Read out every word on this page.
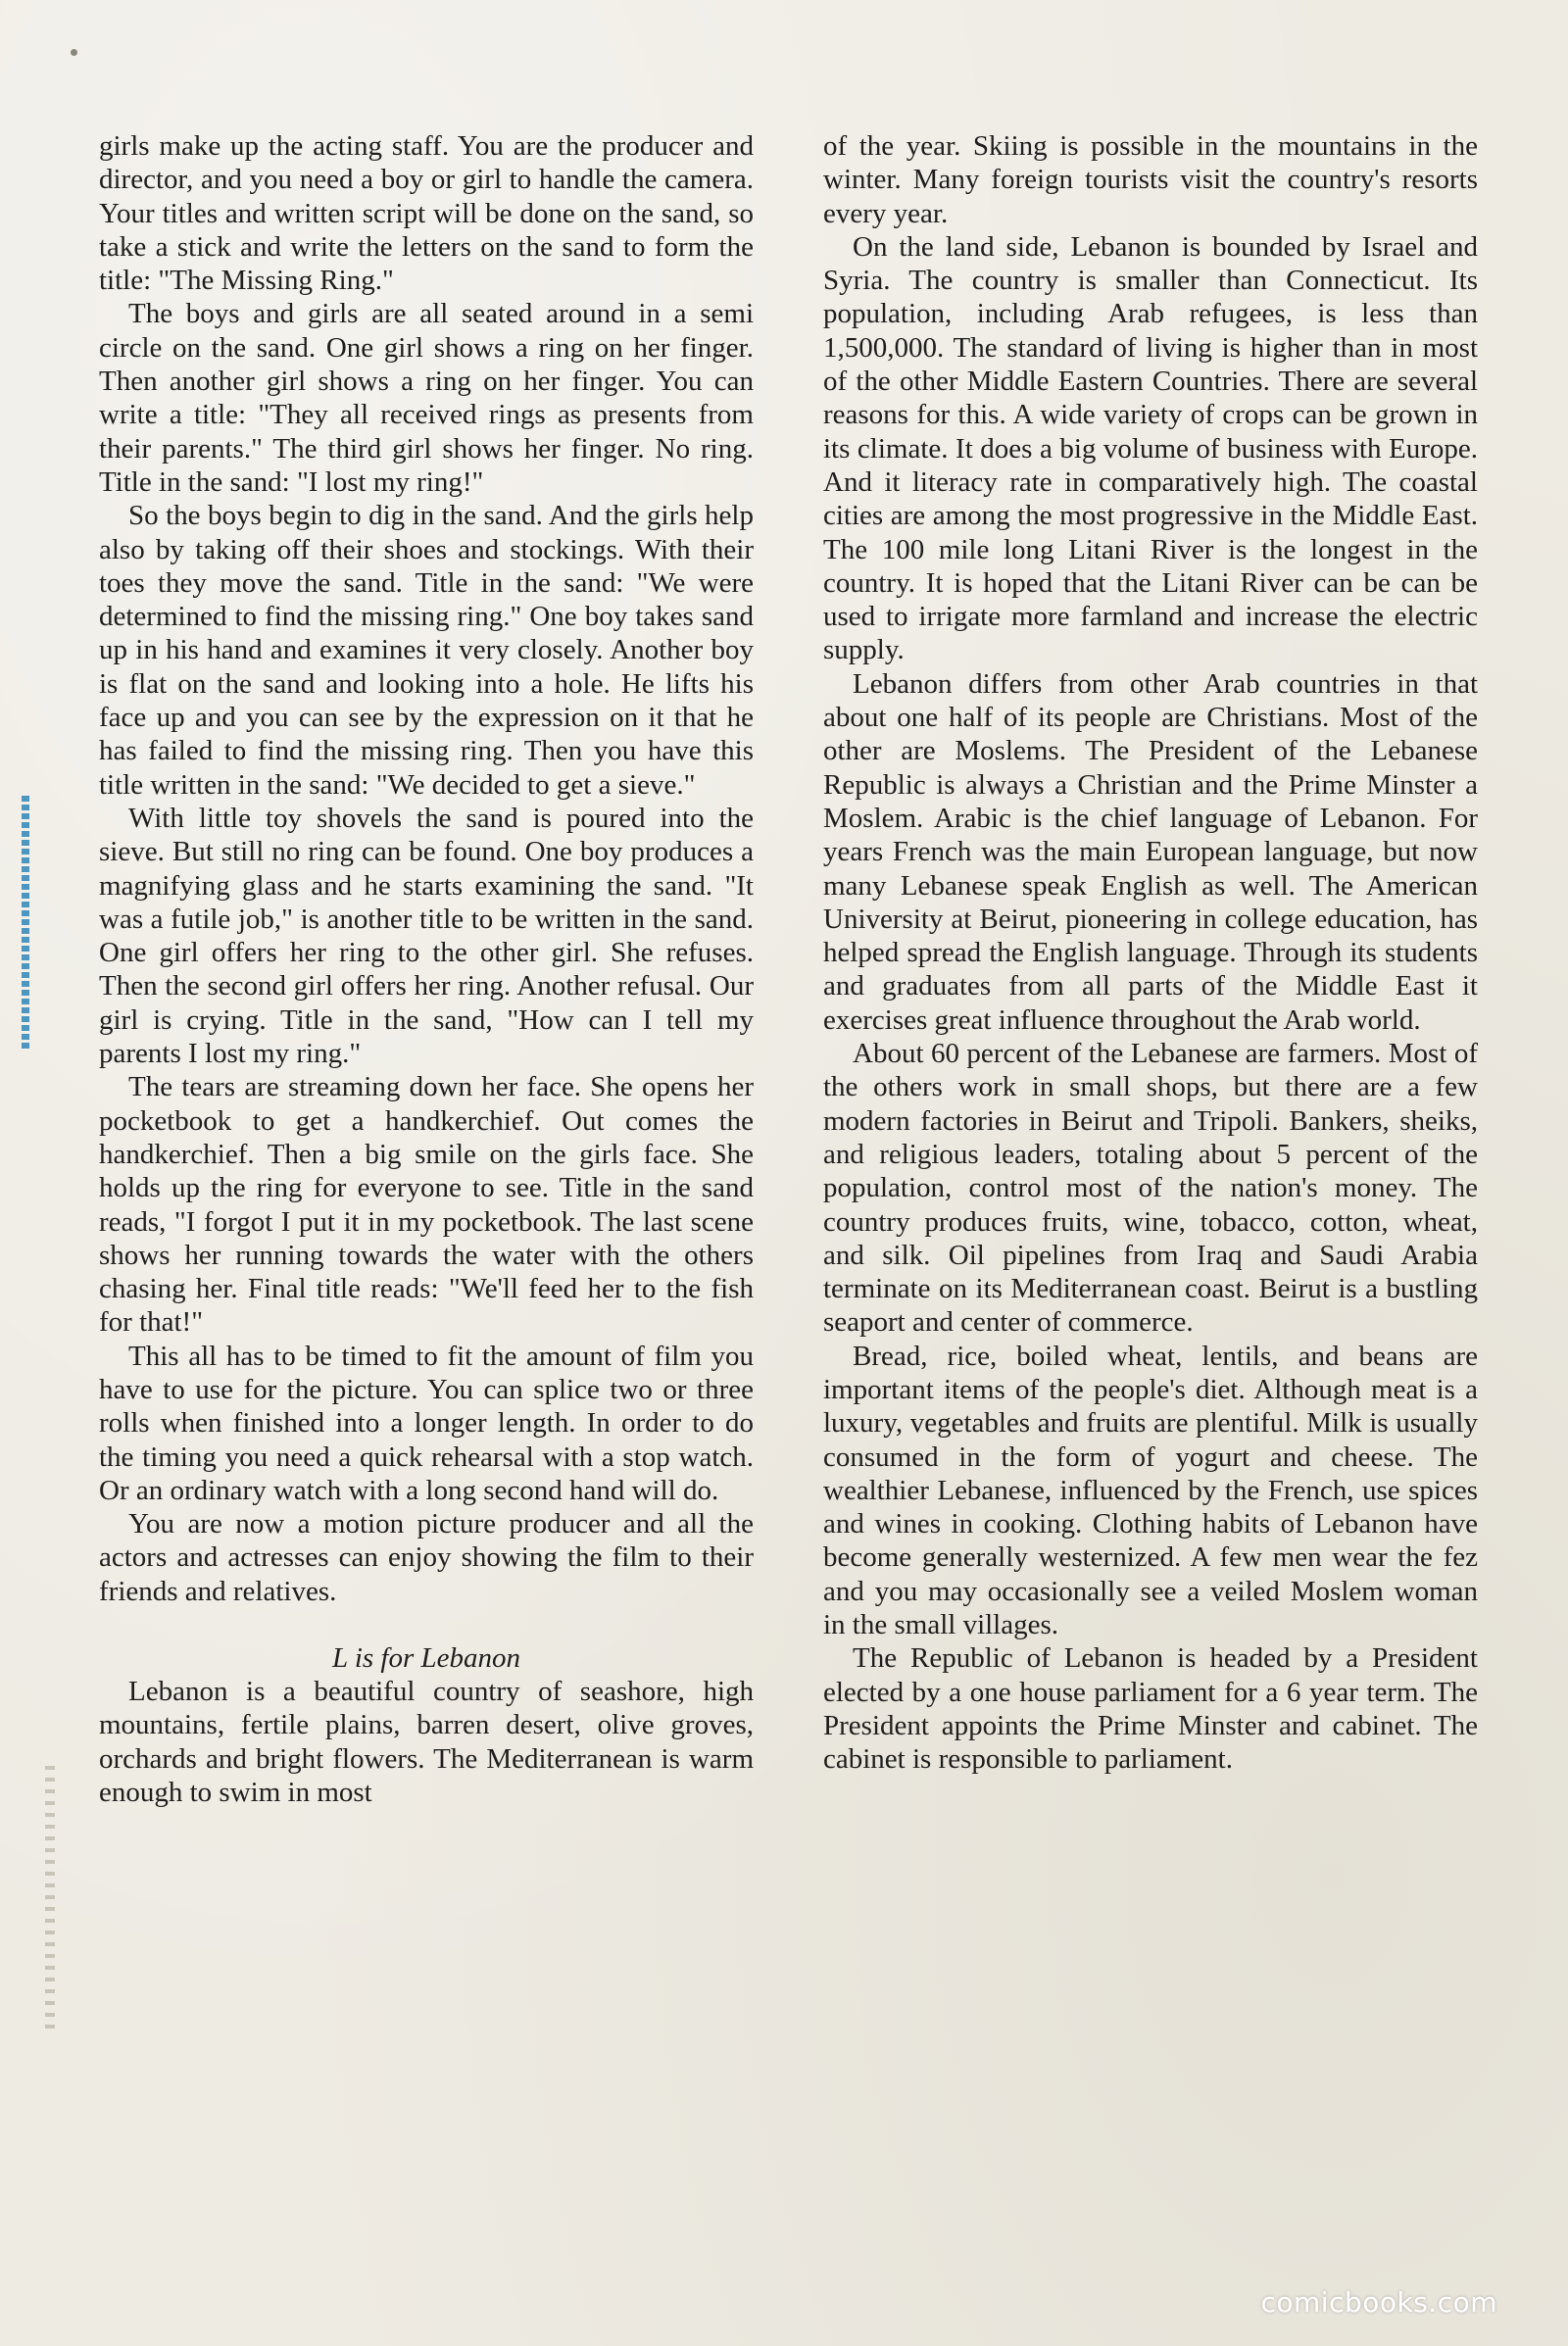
girls make up the acting staff. You are the producer and director, and you need a boy or girl to handle the camera. Your titles and written script will be done on the sand, so take a stick and write the letters on the sand to form the title: "The Missing Ring."

The boys and girls are all seated around in a semi circle on the sand. One girl shows a ring on her finger. Then another girl shows a ring on her finger. You can write a title: "They all received rings as presents from their parents." The third girl shows her finger. No ring. Title in the sand: "I lost my ring!"

So the boys begin to dig in the sand. And the girls help also by taking off their shoes and stockings. With their toes they move the sand. Title in the sand: "We were determined to find the missing ring." One boy takes sand up in his hand and examines it very closely. Another boy is flat on the sand and looking into a hole. He lifts his face up and you can see by the expression on it that he has failed to find the missing ring. Then you have this title written in the sand: "We decided to get a sieve."

With little toy shovels the sand is poured into the sieve. But still no ring can be found. One boy produces a magnifying glass and he starts examining the sand. "It was a futile job," is another title to be written in the sand. One girl offers her ring to the other girl. She refuses. Then the second girl offers her ring. Another refusal. Our girl is crying. Title in the sand, "How can I tell my parents I lost my ring."

The tears are streaming down her face. She opens her pocketbook to get a handkerchief. Out comes the handkerchief. Then a big smile on the girls face. She holds up the ring for everyone to see. Title in the sand reads, "I forgot I put it in my pocketbook. The last scene shows her running towards the water with the others chasing her. Final title reads: "We'll feed her to the fish for that!"

This all has to be timed to fit the amount of film you have to use for the picture. You can splice two or three rolls when finished into a longer length. In order to do the timing you need a quick rehearsal with a stop watch. Or an ordinary watch with a long second hand will do.

You are now a motion picture producer and all the actors and actresses can enjoy showing the film to their friends and relatives.

L is for Lebanon

Lebanon is a beautiful country of seashore, high mountains, fertile plains, barren desert, olive groves, orchards and bright flowers. The Mediterranean is warm enough to swim in most

of the year. Skiing is possible in the mountains in the winter. Many foreign tourists visit the country's resorts every year.

On the land side, Lebanon is bounded by Israel and Syria. The country is smaller than Connecticut. Its population, including Arab refugees, is less than 1,500,000. The standard of living is higher than in most of the other Middle Eastern Countries. There are several reasons for this. A wide variety of crops can be grown in its climate. It does a big volume of business with Europe. And it literacy rate in comparatively high. The coastal cities are among the most progressive in the Middle East. The 100 mile long Litani River is the longest in the country. It is hoped that the Litani River can be can be used to irrigate more farmland and increase the electric supply.

Lebanon differs from other Arab countries in that about one half of its people are Christians. Most of the other are Moslems. The President of the Lebanese Republic is always a Christian and the Prime Minster a Moslem. Arabic is the chief language of Lebanon. For years French was the main European language, but now many Lebanese speak English as well. The American University at Beirut, pioneering in college education, has helped spread the English language. Through its students and graduates from all parts of the Middle East it exercises great influence throughout the Arab world.

About 60 percent of the Lebanese are farmers. Most of the others work in small shops, but there are a few modern factories in Beirut and Tripoli. Bankers, sheiks, and religious leaders, totaling about 5 percent of the population, control most of the nation's money. The country produces fruits, wine, tobacco, cotton, wheat, and silk. Oil pipelines from Iraq and Saudi Arabia terminate on its Mediterranean coast. Beirut is a bustling seaport and center of commerce.

Bread, rice, boiled wheat, lentils, and beans are important items of the people's diet. Although meat is a luxury, vegetables and fruits are plentiful. Milk is usually consumed in the form of yogurt and cheese. The wealthier Lebanese, influenced by the French, use spices and wines in cooking. Clothing habits of Lebanon have become generally westernized. A few men wear the fez and you may occasionally see a veiled Moslem woman in the small villages.

The Republic of Lebanon is headed by a President elected by a one house parliament for a 6 year term. The President appoints the Prime Minster and cabinet. The cabinet is responsible to parliament.

comicbooks.com
